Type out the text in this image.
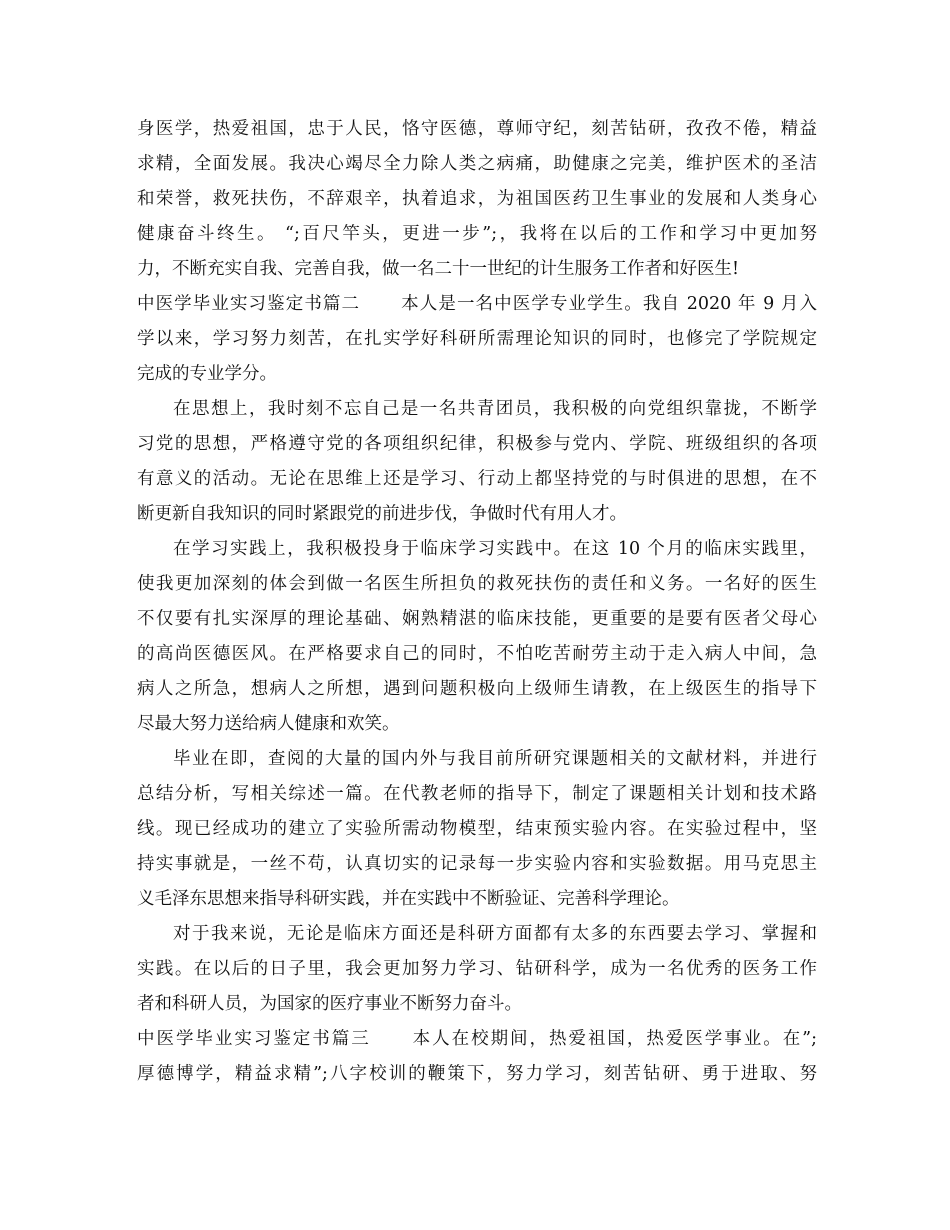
身医学，热爱祖国，忠于人民，恪守医德，尊师守纪，刻苦钻研，孜孜不倦，精益
求精，全面发展。我决心竭尽全力除人类之病痛，助健康之完美，维护医术的圣洁
和荣誉，救死扶伤，不辞艰辛，执着追求，为祖国医药卫生事业的发展和人类身心
健康奋斗终生。 “;百尺竿头，更进一步”;，我将在以后的工作和学习中更加努
力，不断充实自我、完善自我，做一名二十一世纪的计生服务工作者和好医生!
中医学毕业实习鉴定书篇二 本人是一名中医学专业学生。我自 2020 年 9 月入
学以来，学习努力刻苦，在扎实学好科研所需理论知识的同时，也修完了学院规定
完成的专业学分。
在思想上，我时刻不忘自己是一名共青团员，我积极的向党组织靠拢，不断学
习党的思想，严格遵守党的各项组织纪律，积极参与党内、学院、班级组织的各项
有意义的活动。无论在思维上还是学习、行动上都坚持党的与时俱进的思想，在不
断更新自我知识的同时紧跟党的前进步伐，争做时代有用人才。
在学习实践上，我积极投身于临床学习实践中。在这 10 个月的临床实践里，
使我更加深刻的体会到做一名医生所担负的救死扶伤的责任和义务。一名好的医生
不仅要有扎实深厚的理论基础、娴熟精湛的临床技能，更重要的是要有医者父母心
的高尚医德医风。在严格要求自己的同时，不怕吃苦耐劳主动于走入病人中间，急
病人之所急，想病人之所想，遇到问题积极向上级师生请教，在上级医生的指导下
尽最大努力送给病人健康和欢笑。
毕业在即，查阅的大量的国内外与我目前所研究课题相关的文献材料，并进行
总结分析，写相关综述一篇。在代教老师的指导下，制定了课题相关计划和技术路
线。现已经成功的建立了实验所需动物模型，结束预实验内容。在实验过程中，坚
持实事就是，一丝不苟，认真切实的记录每一步实验内容和实验数据。用马克思主
义毛泽东思想来指导科研实践，并在实践中不断验证、完善科学理论。
对于我来说，无论是临床方面还是科研方面都有太多的东西要去学习、掌握和
实践。在以后的日子里，我会更加努力学习、钻研科学，成为一名优秀的医务工作
者和科研人员，为国家的医疗事业不断努力奋斗。
中医学毕业实习鉴定书篇三 本人在校期间，热爱祖国，热爱医学事业。在”;
厚德博学，精益求精”;八字校训的鞭策下，努力学习，刻苦钻研、勇于进取、努
